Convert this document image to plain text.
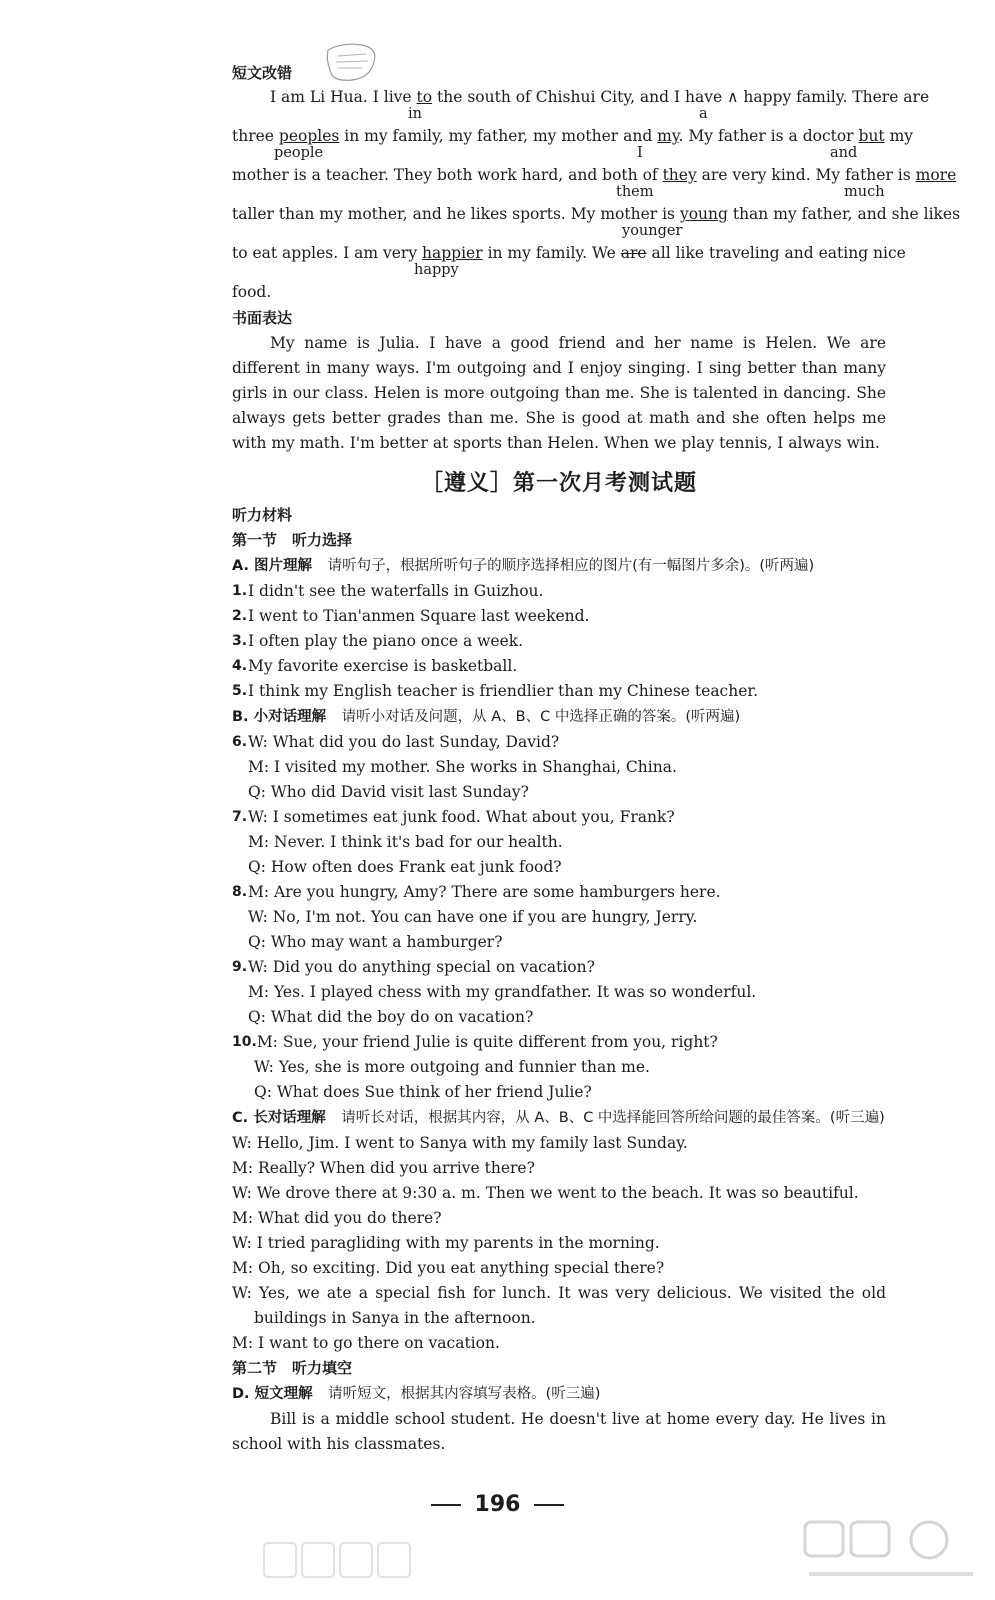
短文改错
I am Li Hua. I live to the south of Chishui City, and I have ∧ happy family. There are
in	a
three peoples in my family, my father, my mother and my. My father is a doctor but my
people	I	and
mother is a teacher. They both work hard, and both of they are very kind. My father is more
them	much
taller than my mother, and he likes sports. My mother is young than my father, and she likes
younger
to eat apples. I am very happier in my family. We are all like traveling and eating nice
happy
food.
书面表达
My name is Julia. I have a good friend and her name is Helen. We are different in many ways. I'm outgoing and I enjoy singing. I sing better than many girls in our class. Helen is more outgoing than me. She is talented in dancing. She always gets better grades than me. She is good at math and she often helps me with my math. I'm better at sports than Helen. When we play tennis, I always win.
［遵义］第一次月考测试题
听力材料
第一节　听力选择
A. 图片理解　 请听句子，根据所听句子的顺序选择相应的图片(有一幅图片多余)。(听两遍)
1. I didn't see the waterfalls in Guizhou.
2. I went to Tian'anmen Square last weekend.
3. I often play the piano once a week.
4. My favorite exercise is basketball.
5. I think my English teacher is friendlier than my Chinese teacher.
B. 小对话理解　 请听小对话及问题，从 A、B、C 中选择正确的答案。(听两遍)
6. W: What did you do last Sunday, David?
M: I visited my mother. She works in Shanghai, China.
Q: Who did David visit last Sunday?
7. W: I sometimes eat junk food. What about you, Frank?
M: Never. I think it's bad for our health.
Q: How often does Frank eat junk food?
8. M: Are you hungry, Amy? There are some hamburgers here.
W: No, I'm not. You can have one if you are hungry, Jerry.
Q: Who may want a hamburger?
9. W: Did you do anything special on vacation?
M: Yes. I played chess with my grandfather. It was so wonderful.
Q: What did the boy do on vacation?
10. M: Sue, your friend Julie is quite different from you, right?
W: Yes, she is more outgoing and funnier than me.
Q: What does Sue think of her friend Julie?
C. 长对话理解　 请听长对话，根据其内容，从 A、B、C 中选择能回答所给问题的最佳答案。(听三遍)
W: Hello, Jim. I went to Sanya with my family last Sunday.
M: Really? When did you arrive there?
W: We drove there at 9:30 a. m. Then we went to the beach. It was so beautiful.
M: What did you do there?
W: I tried paragliding with my parents in the morning.
M: Oh, so exciting. Did you eat anything special there?
W: Yes, we ate a special fish for lunch. It was very delicious. We visited the old buildings in Sanya in the afternoon.
M: I want to go there on vacation.
第二节　听力填空
D. 短文理解　 请听短文，根据其内容填写表格。(听三遍)
Bill is a middle school student. He doesn't live at home every day. He lives in school with his classmates.
196
